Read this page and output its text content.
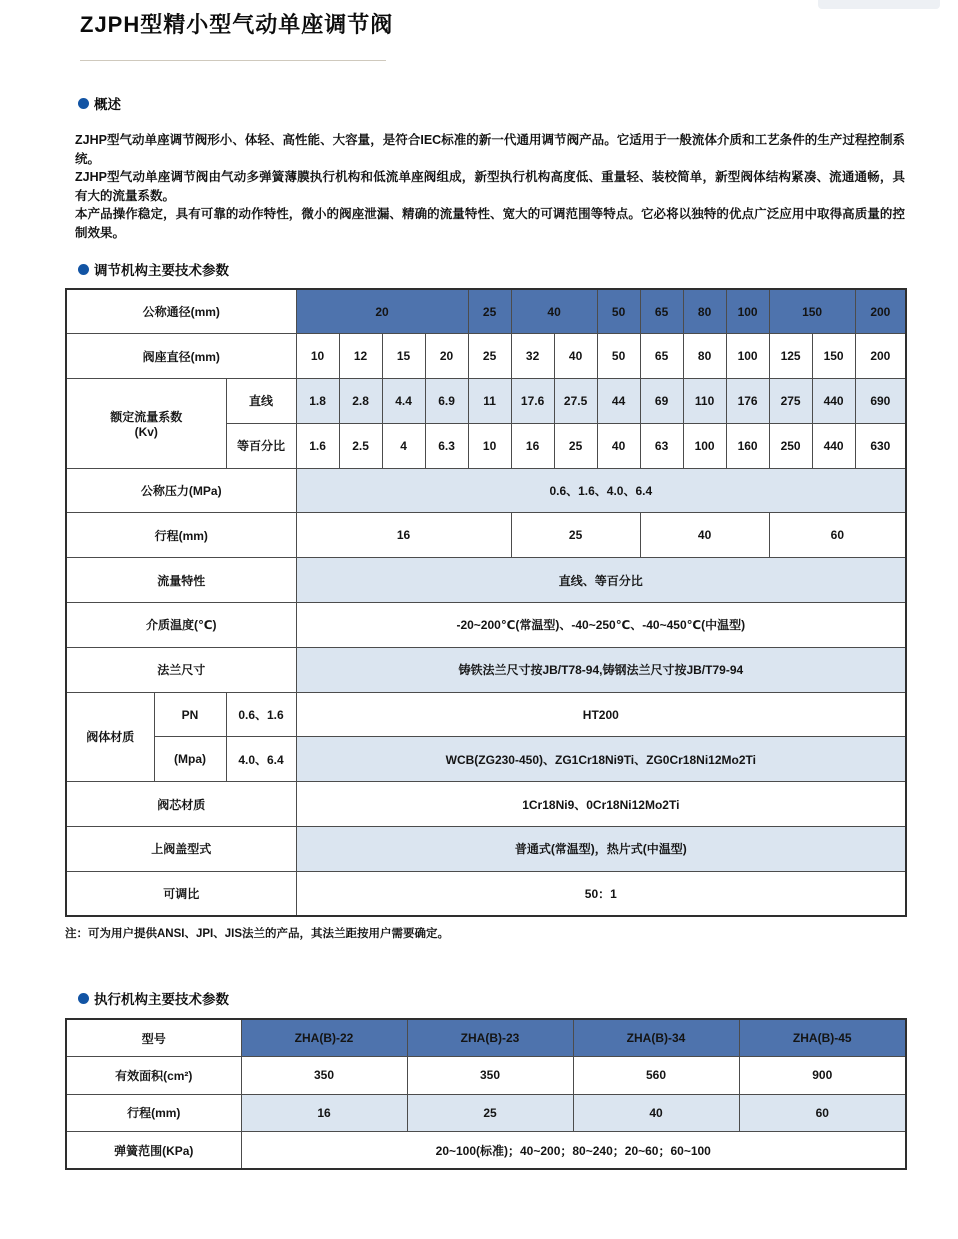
ZJPH型精小型气动单座调节阀
概述

ZJHP型气动单座调节阀形小、体轻、高性能、大容量，是符合IEC标准的新一代通用调节阀产品。它适用于一般流体介质和工艺条件的生产过程控制系统。

ZJHP型气动单座调节阀由气动多弹簧薄膜执行机构和低流单座阀组成，新型执行机构高度低、重量轻、装校简单，新型阀体结构紧凑、流通通畅，具有大的流量系数。

本产品操作稳定，具有可靠的动作特性，微小的阀座泄漏、精确的流量特性、宽大的可调范围等特点。它必将以独特的优点广泛应用中取得高质量的控制效果。

调节机构主要技术参数
公称通径(mm)			20				25	40		50	65	80	100	150		200
阀座直径(mm)			10	12	15	20	25	32	40	50	65	80	100	125	150	200

额定流量系数
(Kv)		直线	1.8	2.8	4.4	6.9	11	17.6	27.5	44	69	110	176	275	440	690
		等百分比	1.6	2.5	4	6.3	10	16	25	40	63	100	160	250	440	630
公称压力(MPa)			0.6、1.6、4.0、6.4													
行程(mm)			16					25			40			60		
流量特性			直线、等百分比													
介质温度(℃)			-20~200℃(常温型)、-40~250℃、-40~450℃(中温型)													
法兰尺寸			铸铁法兰尺寸按JB/T78-94,铸钢法兰尺寸按JB/T79-94													
阀体材质	PN	0.6、1.6	HT200													
	(Mpa)	4.0、6.4	WCB(ZG230-450)、ZG1Cr18Ni9Ti、ZG0Cr18Ni12Mo2Ti													
阀芯材质			1Cr18Ni9、0Cr18Ni12Mo2Ti													
上阀盖型式			普通式(常温型)，热片式(中温型)													
可调比			50：1													

注：可为用户提供ANSI、JPI、JIS法兰的产品，其法兰距按用户需要确定。

执行机构主要技术参数
型号	ZHA(B)-22	ZHA(B)-23	ZHA(B)-34	ZHA(B)-45
有效面积(cm²)	350	350	560	900
行程(mm)	16	25	40	60
弹簧范围(KPa)	20~100(标准)；40~200；80~240；20~60；60~100			
